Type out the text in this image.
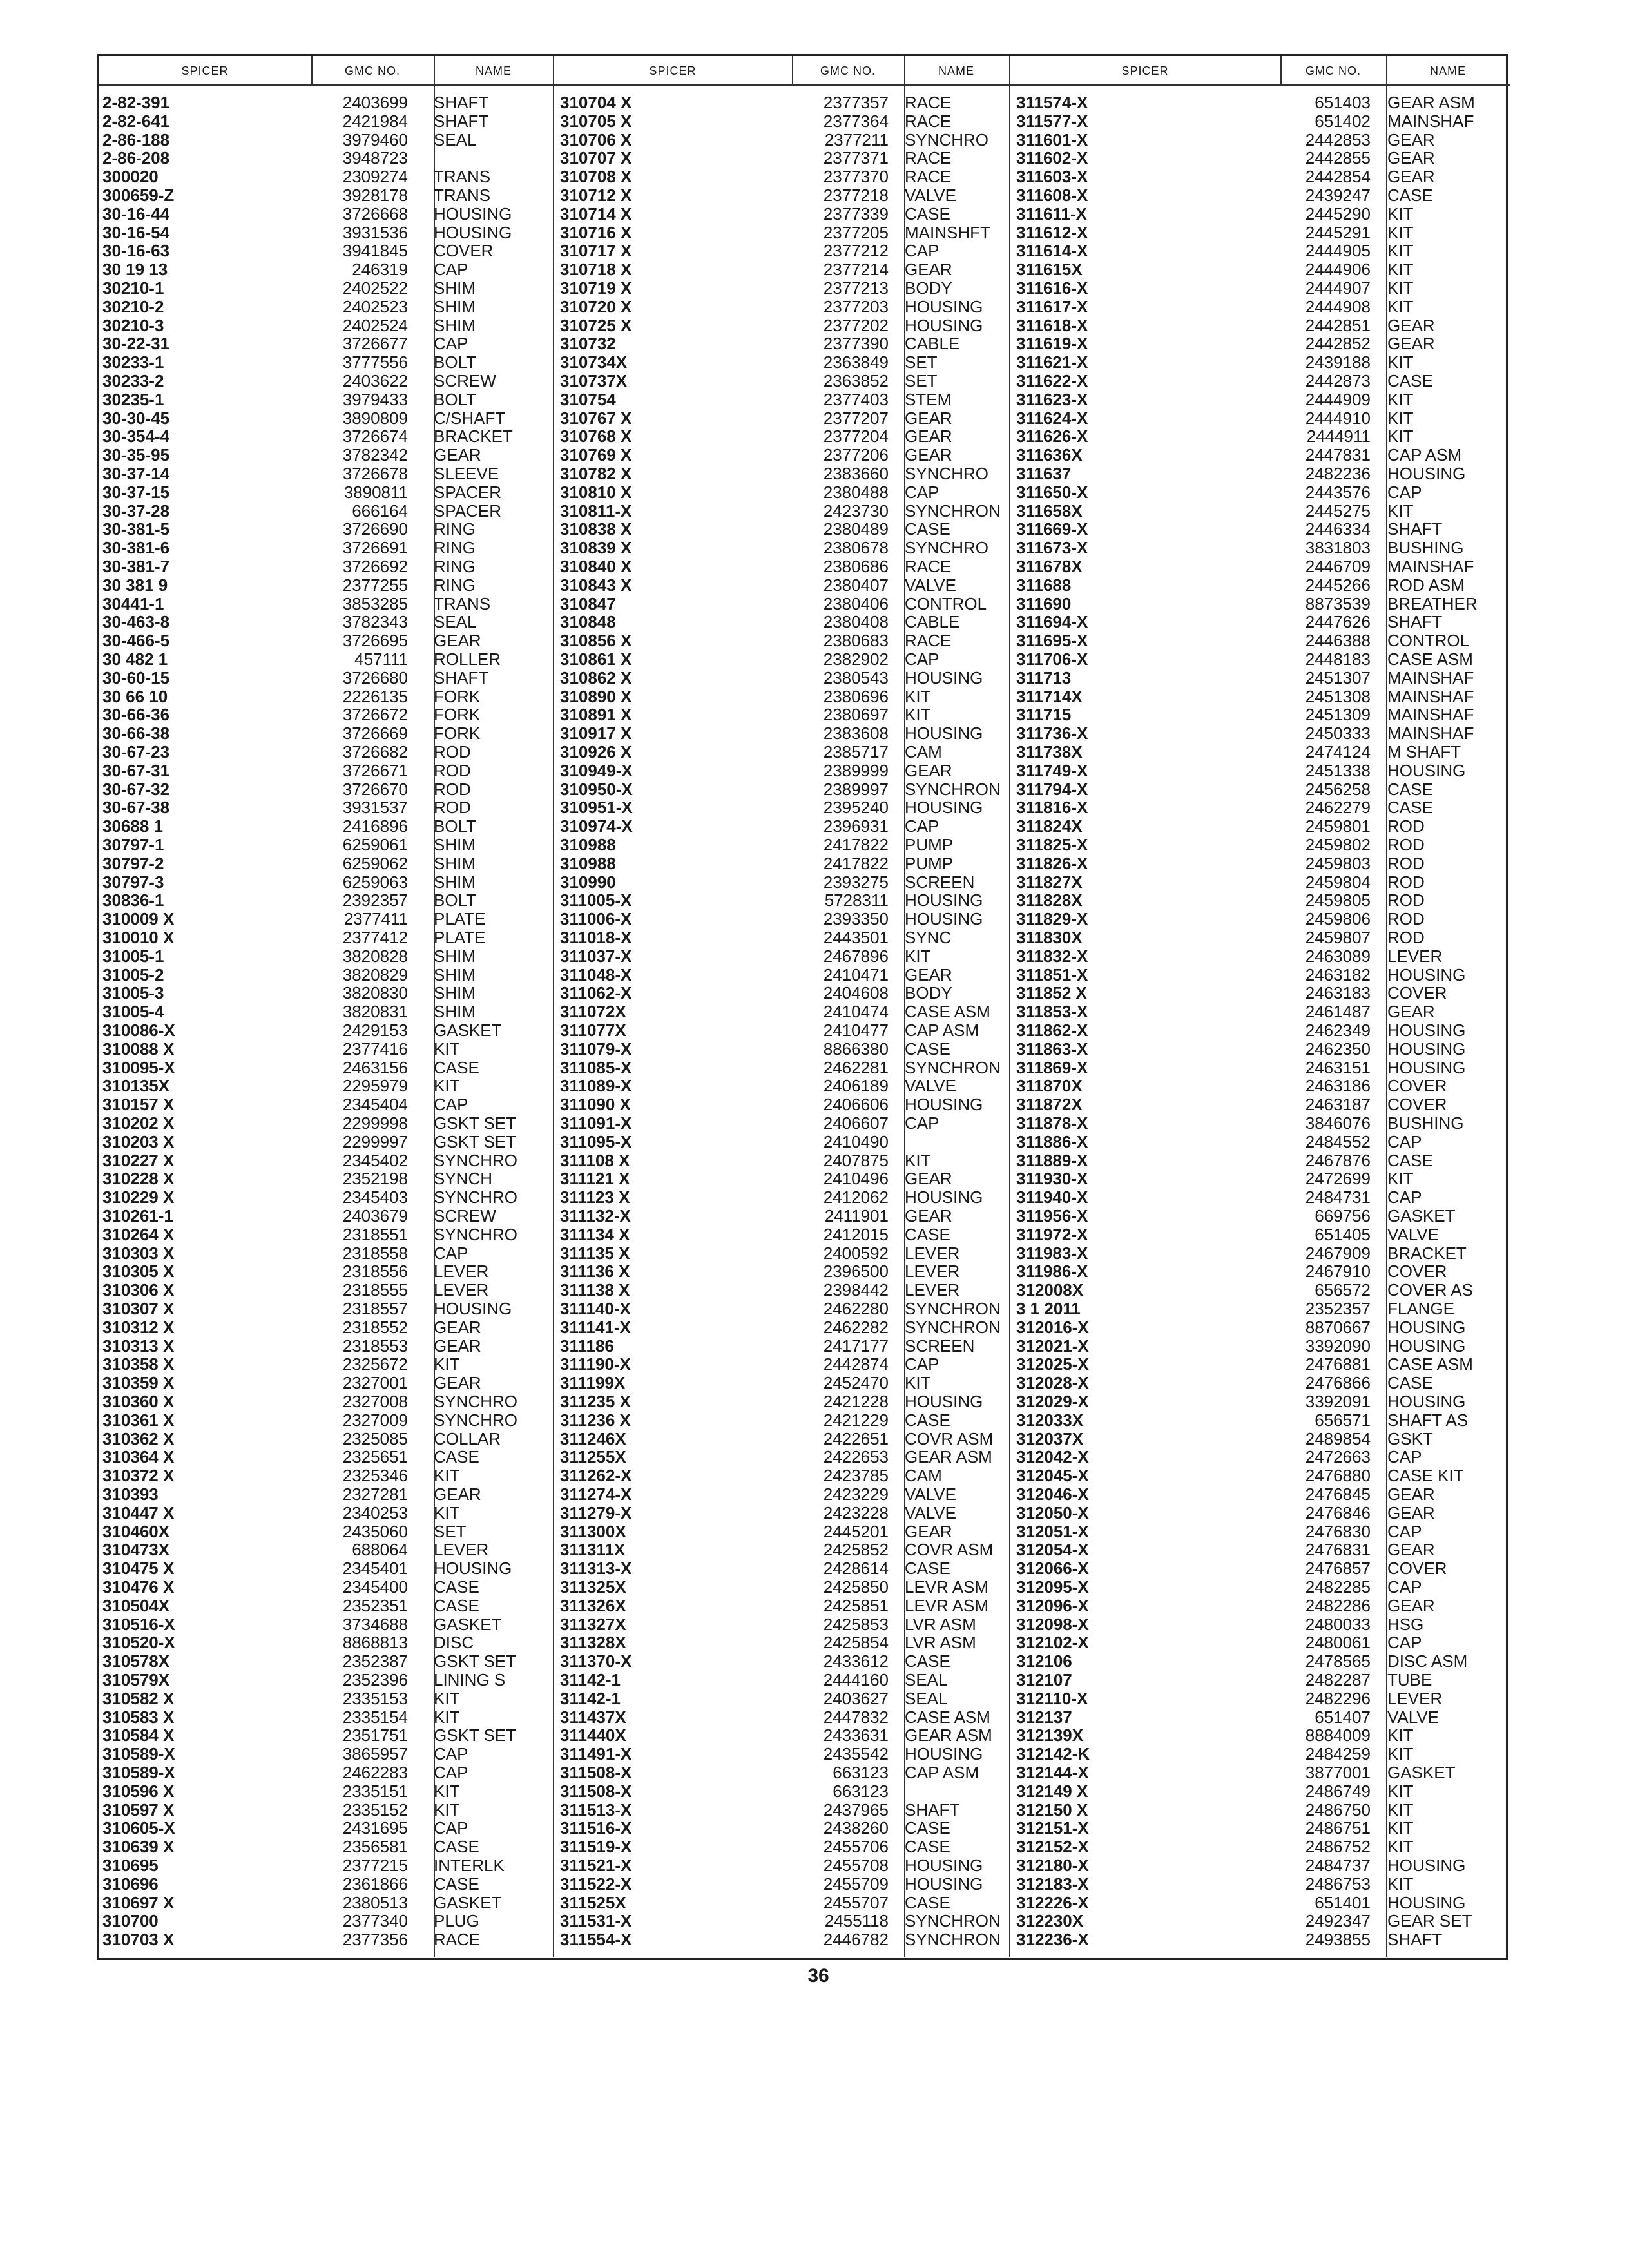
SPICER	GMC NO.	NAME
2-82-391	2403699 SHAFT
2-82-641	2421984 SHAFT
2-86-188	3979460 SEAL
2-86-208	3948723
300020	2309274 TRANS
300659-Z	3928178 TRANS
30-16-44	3726668 HOUSING
30-16-54	3931536 HOUSING
30-16-63	3941845 COVER
30 19 13	246319 CAP
30210-1	2402522 SHIM
30210-2	2402523 SHIM
30210-3	2402524 SHIM
30-22-31	3726677 CAP
30233-1	3777556 BOLT
30233-2	2403622 SCREW
30235-1	3979433 BOLT
30-30-45	3890809 C/SHAFT
30-354-4	3726674 BRACKET
30-35-95	3782342 GEAR
30-37-14	3726678 SLEEVE
30-37-15	3890811 SPACER
30-37-28	666164 SPACER
30-381-5	3726690 RING
30-381-6	3726691 RING
30-381-7	3726692 RING
30 381 9	2377255 RING
30441-1	3853285 TRANS
30-463-8	3782343 SEAL
30-466-5	3726695 GEAR
30 482 1	457111 ROLLER
30-60-15	3726680 SHAFT
30 66 10	2226135 FORK
30-66-36	3726672 FORK
30-66-38	3726669 FORK
30-67-23	3726682 ROD
30-67-31	3726671 ROD
30-67-32	3726670 ROD
30-67-38	3931537 ROD
30688 1	2416896 BOLT
30797-1	6259061 SHIM
30797-2	6259062 SHIM
30797-3	6259063 SHIM
30836-1	2392357 BOLT
310009 X	2377411 PLATE
310010 X	2377412 PLATE
31005-1	3820828 SHIM
31005-2	3820829 SHIM
31005-3	3820830 SHIM
31005-4	3820831 SHIM
310086-X	2429153 GASKET
310088 X	2377416 KIT
310095-X	2463156 CASE
310135X	2295979 KIT
310157 X	2345404 CAP
310202 X	2299998 GSKT SET
310203 X	2299997 GSKT SET
310227 X	2345402 SYNCHRO
310228 X	2352198 SYNCH
310229 X	2345403 SYNCHRO
310261-1	2403679 SCREW
310264 X	2318551 SYNCHRO
310303 X	2318558 CAP
310305 X	2318556 LEVER
310306 X	2318555 LEVER
310307 X	2318557 HOUSING
310312 X	2318552 GEAR
310313 X	2318553 GEAR
310358 X	2325672 KIT
310359 X	2327001 GEAR
310360 X	2327008 SYNCHRO
310361 X	2327009 SYNCHRO
310362 X	2325085 COLLAR
310364 X	2325651 CASE
310372 X	2325346 KIT
310393	2327281 GEAR
310447 X	2340253 KIT
310460X	2435060 SET
310473X	688064 LEVER
310475 X	2345401 HOUSING
310476 X	2345400 CASE
310504X	2352351 CASE
310516-X	3734688 GASKET
310520-X	8868813 DISC
310578X	2352387 GSKT SET
310579X	2352396 LINING S
310582 X	2335153 KIT
310583 X	2335154 KIT
310584 X	2351751 GSKT SET
310589-X	3865957 CAP
310589-X	2462283 CAP
310596 X	2335151 KIT
310597 X	2335152 KIT
310605-X	2431695 CAP
310639 X	2356581 CASE
310695	2377215 INTERLK
310696	2361866 CASE
310697 X	2380513 GASKET
310700	2377340 PLUG
310703 X	2377356 RACE
SPICER	GMC NO.	NAME
310704 X	2377357 RACE
310705 X	2377364 RACE
310706 X	2377211 SYNCHRO
310707 X	2377371 RACE
310708 X	2377370 RACE
310712 X	2377218 VALVE
310714 X	2377339 CASE
310716 X	2377205 MAINSHFT
310717 X	2377212 CAP
310718 X	2377214 GEAR
310719 X	2377213 BODY
310720 X	2377203 HOUSING
310725 X	2377202 HOUSING
310732	2377390 CABLE
310734X	2363849 SET
310737X	2363852 SET
310754	2377403 STEM
310767 X	2377207 GEAR
310768 X	2377204 GEAR
310769 X	2377206 GEAR
310782 X	2383660 SYNCHRO
310810 X	2380488 CAP
310811-X	2423730 SYNCHRON
310838 X	2380489 CASE
310839 X	2380678 SYNCHRO
310840 X	2380686 RACE
310843 X	2380407 VALVE
310847	2380406 CONTROL
310848	2380408 CABLE
310856 X	2380683 RACE
310861 X	2382902 CAP
310862 X	2380543 HOUSING
310890 X	2380696 KIT
310891 X	2380697 KIT
310917 X	2383608 HOUSING
310926 X	2385717 CAM
310949-X	2389999 GEAR
310950-X	2389997 SYNCHRON
310951-X	2395240 HOUSING
310974-X	2396931 CAP
310988	2417822 PUMP
310988	2417822 PUMP
310990	2393275 SCREEN
311005-X	5728311 HOUSING
311006-X	2393350 HOUSING
311018-X	2443501 SYNC
311037-X	2467896 KIT
311048-X	2410471 GEAR
311062-X	2404608 BODY
311072X	2410474 CASE ASM
311077X	2410477 CAP ASM
311079-X	8866380 CASE
311085-X	2462281 SYNCHRON
311089-X	2406189 VALVE
311090 X	2406606 HOUSING
311091-X	2406607 CAP
311095-X	2410490
311108 X	2407875 KIT
311121 X	2410496 GEAR
311123 X	2412062 HOUSING
311132-X	2411901 GEAR
311134 X	2412015 CASE
311135 X	2400592 LEVER
311136 X	2396500 LEVER
311138 X	2398442 LEVER
311140-X	2462280 SYNCHRON
311141-X	2462282 SYNCHRON
311186	2417177 SCREEN
311190-X	2442874 CAP
311199X	2452470 KIT
311235 X	2421228 HOUSING
311236 X	2421229 CASE
311246X	2422651 COVR ASM
311255X	2422653 GEAR ASM
311262-X	2423785 CAM
311274-X	2423229 VALVE
311279-X	2423228 VALVE
311300X	2445201 GEAR
311311X	2425852 COVR ASM
311313-X	2428614 CASE
311325X	2425850 LEVR ASM
311326X	2425851 LEVR ASM
311327X	2425853 LVR ASM
311328X	2425854 LVR ASM
311370-X	2433612 CASE
31142-1	2444160 SEAL
31142-1	2403627 SEAL
311437X	2447832 CASE ASM
311440X	2433631 GEAR ASM
311491-X	2435542 HOUSING
311508-X	663123 CAP ASM
311508-X	663123
311513-X	2437965 SHAFT
311516-X	2438260 CASE
311519-X	2455706 CASE
311521-X	2455708 HOUSING
311522-X	2455709 HOUSING
311525X	2455707 CASE
311531-X	2455118 SYNCHRON
311554-X	2446782 SYNCHRON
SPICER	GMC NO.	NAME
311574-X	651403 GEAR ASM
311577-X	651402 MAINSHAF
311601-X	2442853 GEAR
311602-X	2442855 GEAR
311603-X	2442854 GEAR
311608-X	2439247 CASE
311611-X	2445290 KIT
311612-X	2445291 KIT
311614-X	2444905 KIT
311615X	2444906 KIT
311616-X	2444907 KIT
311617-X	2444908 KIT
311618-X	2442851 GEAR
311619-X	2442852 GEAR
311621-X	2439188 KIT
311622-X	2442873 CASE
311623-X	2444909 KIT
311624-X	2444910 KIT
311626-X	2444911 KIT
311636X	2447831 CAP ASM
311637	2482236 HOUSING
311650-X	2443576 CAP
311658X	2445275 KIT
311669-X	2446334 SHAFT
311673-X	3831803 BUSHING
311678X	2446709 MAINSHAF
311688	2445266 ROD ASM
311690	8873539 BREATHER
311694-X	2447626 SHAFT
311695-X	2446388 CONTROL
311706-X	2448183 CASE ASM
311713	2451307 MAINSHAF
311714X	2451308 MAINSHAF
311715	2451309 MAINSHAF
311736-X	2450333 MAINSHAF
311738X	2474124 M SHAFT
311749-X	2451338 HOUSING
311794-X	2456258 CASE
311816-X	2462279 CASE
311824X	2459801 ROD
311825-X	2459802 ROD
311826-X	2459803 ROD
311827X	2459804 ROD
311828X	2459805 ROD
311829-X	2459806 ROD
311830X	2459807 ROD
311832-X	2463089 LEVER
311851-X	2463182 HOUSING
311852 X	2463183 COVER
311853-X	2461487 GEAR
311862-X	2462349 HOUSING
311863-X	2462350 HOUSING
311869-X	2463151 HOUSING
311870X	2463186 COVER
311872X	2463187 COVER
311878-X	3846076 BUSHING
311886-X	2484552 CAP
311889-X	2467876 CASE
311930-X	2472699 KIT
311940-X	2484731 CAP
311956-X	669756 GASKET
311972-X	651405 VALVE
311983-X	2467909 BRACKET
311986-X	2467910 COVER
312008X	656572 COVER AS
3 1 2011	2352357 FLANGE
312016-X	8870667 HOUSING
312021-X	3392090 HOUSING
312025-X	2476881 CASE ASM
312028-X	2476866 CASE
312029-X	3392091 HOUSING
312033X	656571 SHAFT AS
312037X	2489854 GSKT
312042-X	2472663 CAP
312045-X	2476880 CASE KIT
312046-X	2476845 GEAR
312050-X	2476846 GEAR
312051-X	2476830 CAP
312054-X	2476831 GEAR
312066-X	2476857 COVER
312095-X	2482285 CAP
312096-X	2482286 GEAR
312098-X	2480033 HSG
312102-X	2480061 CAP
312106	2478565 DISC ASM
312107	2482287 TUBE
312110-X	2482296 LEVER
312137	651407 VALVE
312139X	8884009 KIT
312142-K	2484259 KIT
312144-X	3877001 GASKET
312149 X	2486749 KIT
312150 X	2486750 KIT
312151-X	2486751 KIT
312152-X	2486752 KIT
312180-X	2484737 HOUSING
312183-X	2486753 KIT
312226-X	651401 HOUSING
312230X	2492347 GEAR SET
312236-X	2493855 SHAFT
36
